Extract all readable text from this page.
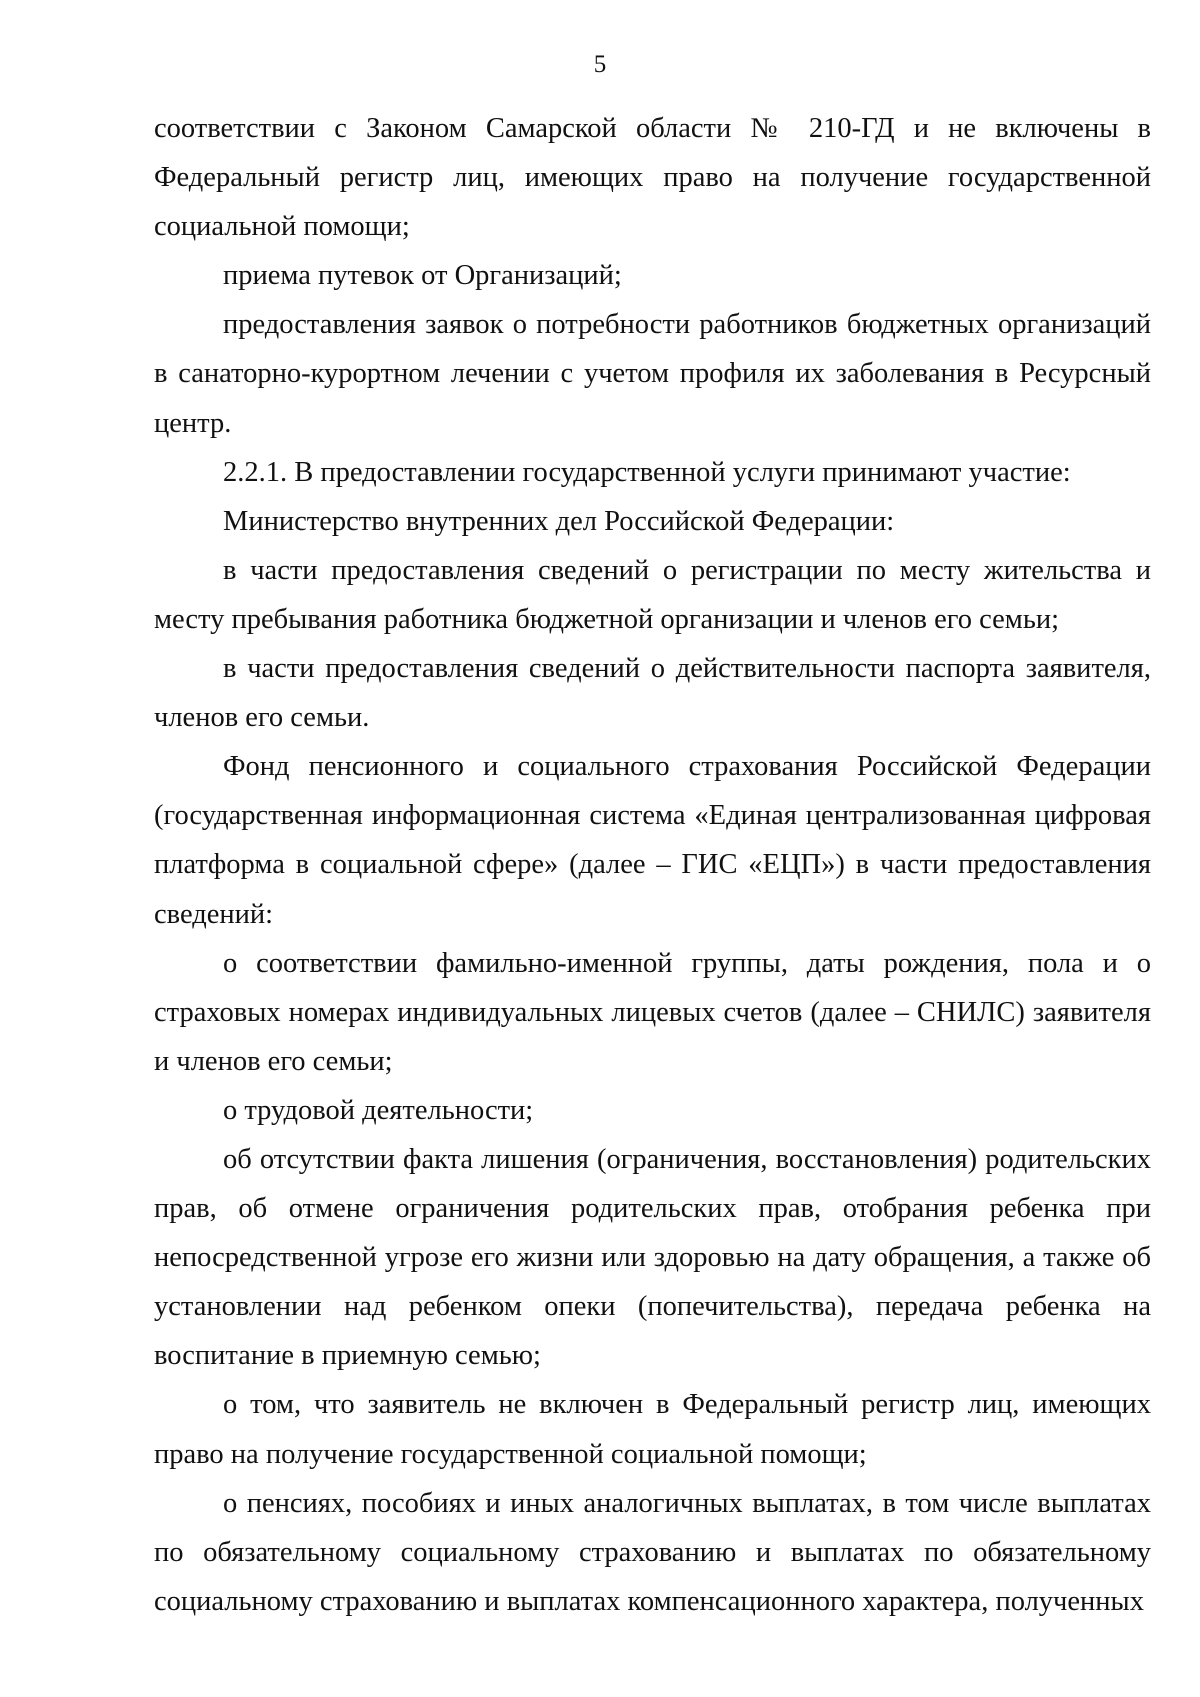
5

соответствии с Законом Самарской области № 210-ГД и не включены в Федеральный регистр лиц, имеющих право на получение государственной социальной помощи;

приема путевок от Организаций;

предоставления заявок о потребности работников бюджетных организаций в санаторно-курортном лечении с учетом профиля их заболевания в Ресурсный центр.

2.2.1. В предоставлении государственной услуги принимают участие:

Министерство внутренних дел Российской Федерации:

в части предоставления сведений о регистрации по месту жительства и месту пребывания работника бюджетной организации и членов его семьи;

в части предоставления сведений о действительности паспорта заявителя, членов его семьи.

Фонд пенсионного и социального страхования Российской Федерации (государственная информационная система «Единая централизованная цифровая платформа в социальной сфере» (далее – ГИС «ЕЦП») в части предоставления сведений:

о соответствии фамильно-именной группы, даты рождения, пола и о страховых номерах индивидуальных лицевых счетов (далее – СНИЛС) заявителя и членов его семьи;

о трудовой деятельности;

об отсутствии факта лишения (ограничения, восстановления) родительских прав, об отмене ограничения родительских прав, отобрания ребенка при непосредственной угрозе его жизни или здоровью на дату обращения, а также об установлении над ребенком опеки (попечительства), передача ребенка на воспитание в приемную семью;

о том, что заявитель не включен в Федеральный регистр лиц, имеющих право на получение государственной социальной помощи;

о пенсиях, пособиях и иных аналогичных выплатах, в том числе выплатах по обязательному социальному страхованию и выплатах по обязательному социальному страхованию и выплатах компенсационного характера, полученных
